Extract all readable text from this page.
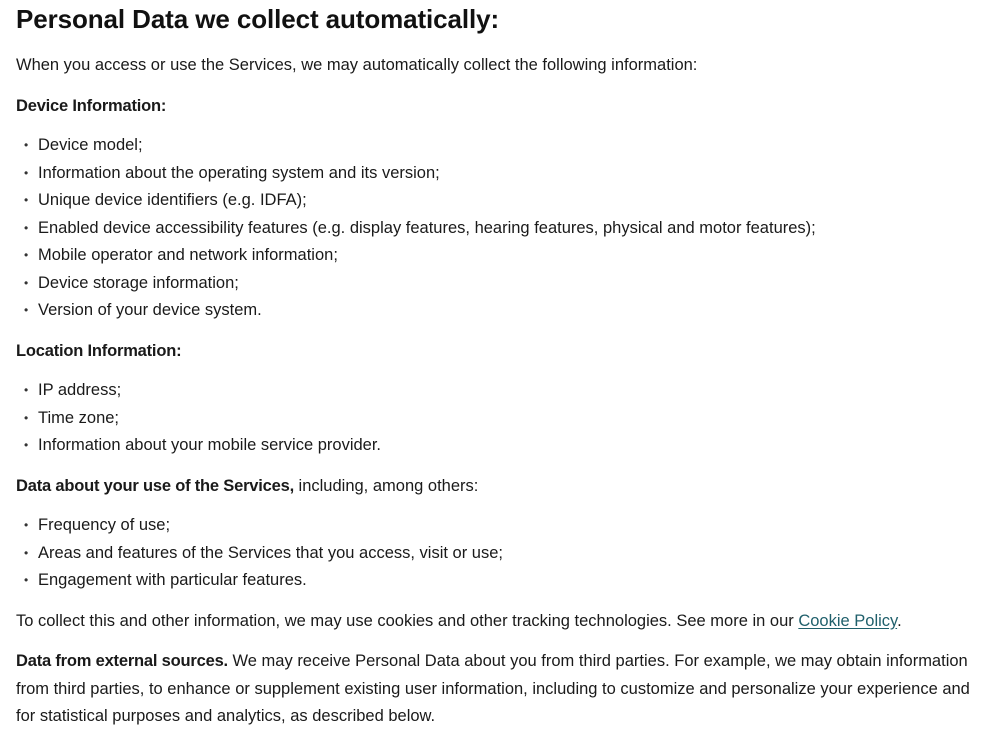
Personal Data we collect automatically:

When you access or use the Services, we may automatically collect the following information:

Device Information:

• Device model;
• Information about the operating system and its version;
• Unique device identifiers (e.g. IDFA);
• Enabled device accessibility features (e.g. display features, hearing features, physical and motor features);
• Mobile operator and network information;
• Device storage information;
• Version of your device system.

Location Information:

• IP address;
• Time zone;
• Information about your mobile service provider.

Data about your use of the Services, including, among others:

• Frequency of use;
• Areas and features of the Services that you access, visit or use;
• Engagement with particular features.

To collect this and other information, we may use cookies and other tracking technologies. See more in our Cookie Policy.

Data from external sources. We may receive Personal Data about you from third parties. For example, we may obtain information from third parties, to enhance or supplement existing user information, including to customize and personalize your experience and for statistical purposes and analytics, as described below.
